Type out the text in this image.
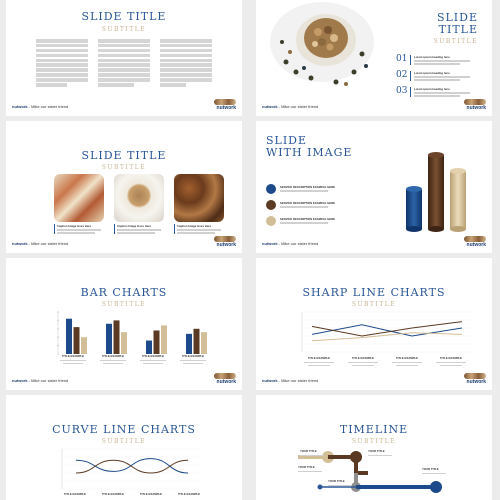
SLIDE TITLE
SUBTITLE
nutwork - Mike our sister friend	nutwork
SLIDE
TITLE
SUBTITLE
01 Lorem ipsum heading here
02 Lorem ipsum heading here
03 Lorem ipsum heading here
nutwork - Mike our sister friend	nutwork
SLIDE TITLE
SUBTITLE
Caption Image Goes Here	Caption Image Goes Here	Caption Image Goes Here
nutwork - Mike our sister friend	nutwork
SLIDE
WITH IMAGE
SERVICE DESCRIPTION EXAMPLE HERE
SERVICE DESCRIPTION EXAMPLE HERE
SERVICE DESCRIPTION EXAMPLE HERE
nutwork - Mike our sister friend	nutwork
BAR CHARTS
SUBTITLE
TITLE EXAMPLE	TITLE EXAMPLE	TITLE EXAMPLE	TITLE EXAMPLE
nutwork - Mike our sister friend	nutwork
SHARP LINE CHARTS
SUBTITLE
TITLE EXAMPLE	TITLE EXAMPLE	TITLE EXAMPLE	TITLE EXAMPLE
nutwork - Mike our sister friend	nutwork
CURVE LINE CHARTS
SUBTITLE
TITLE EXAMPLE	TITLE EXAMPLE	TITLE EXAMPLE	TITLE EXAMPLE
TIMELINE
SUBTITLE
YOUR TITLE	YOUR TITLE
YOUR TITLE	YOUR TITLE
YOUR TITLE
